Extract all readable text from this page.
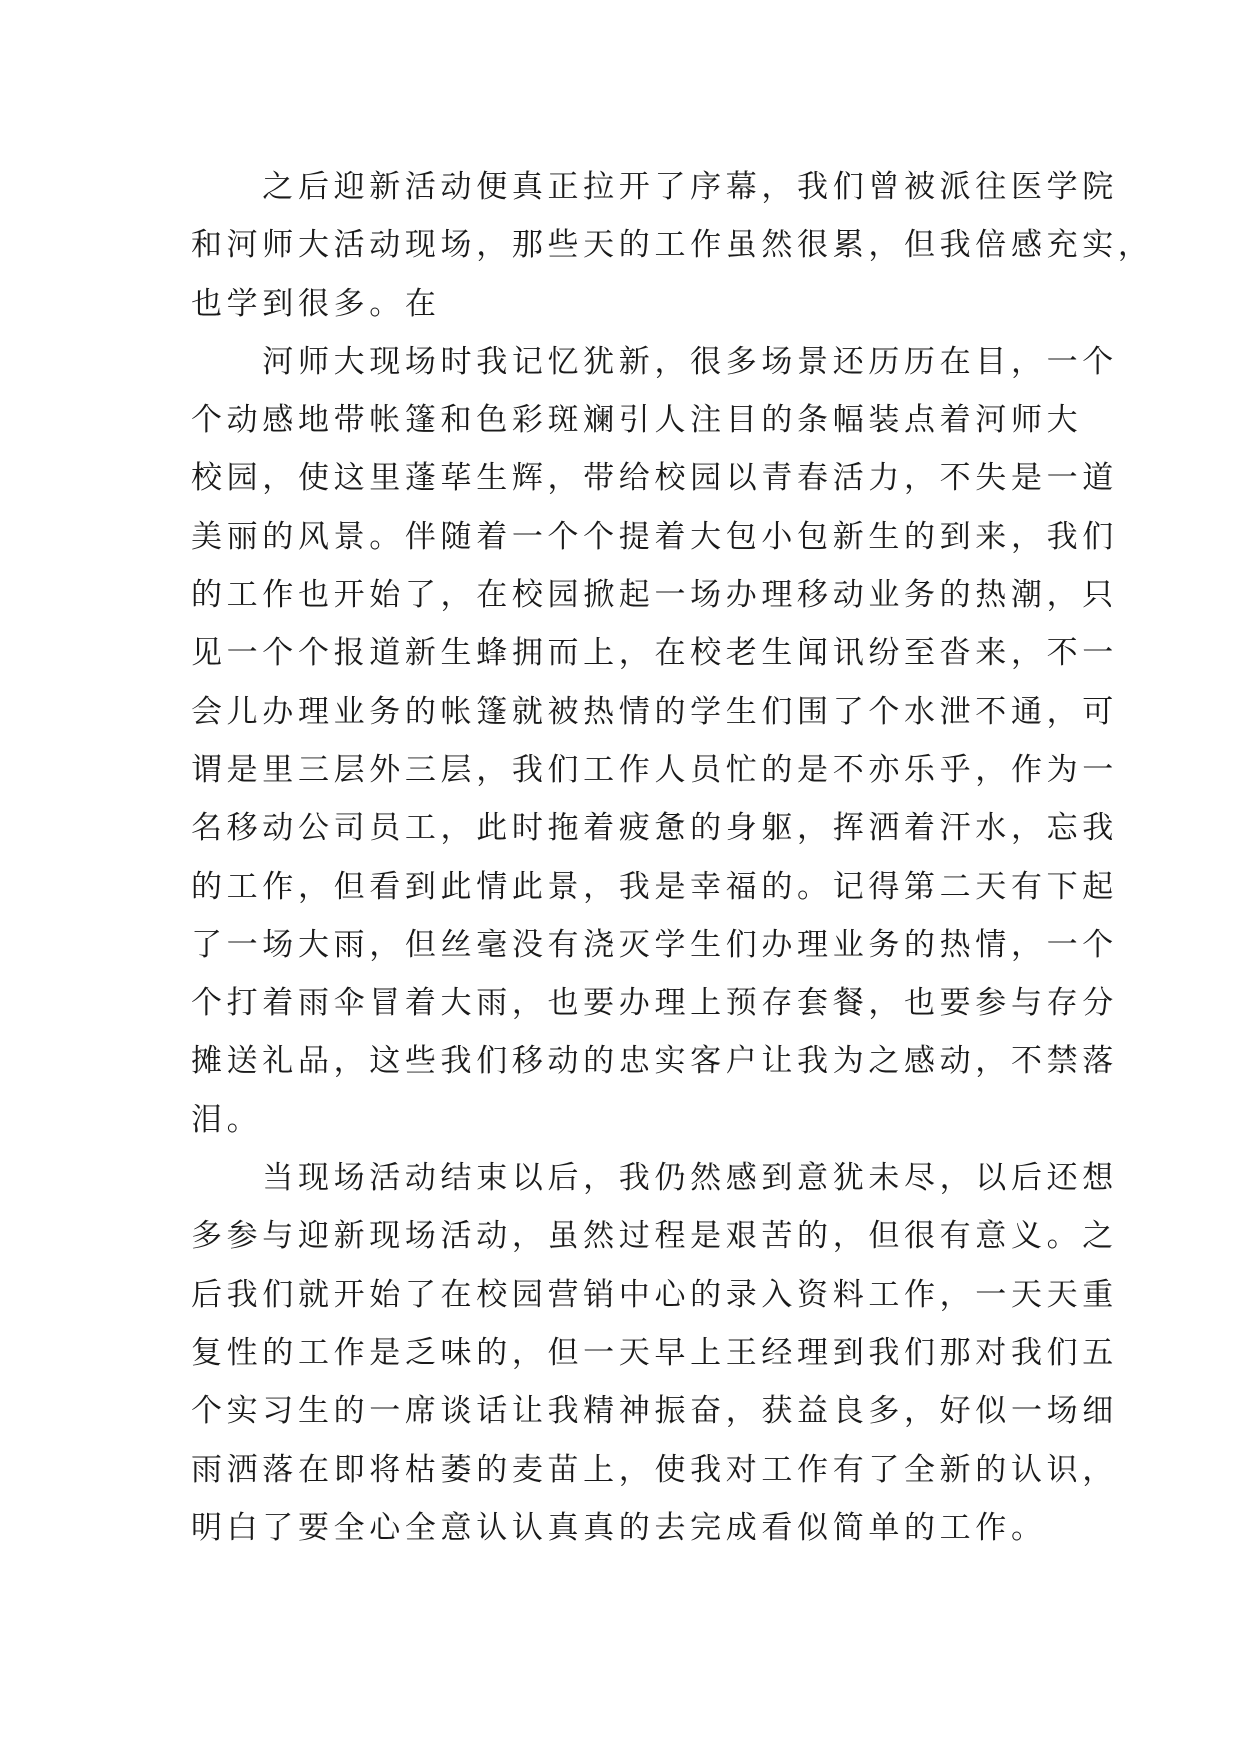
之后迎新活动便真正拉开了序幕，我们曾被派往医学院
和河师大活动现场，那些天的工作虽然很累，但我倍感充实，
也学到很多。在
河师大现场时我记忆犹新，很多场景还历历在目，一个
个动感地带帐篷和色彩斑斓引人注目的条幅装点着河师大
校园，使这里蓬荜生辉，带给校园以青春活力，不失是一道
美丽的风景。伴随着一个个提着大包小包新生的到来，我们
的工作也开始了，在校园掀起一场办理移动业务的热潮，只
见一个个报道新生蜂拥而上，在校老生闻讯纷至沓来，不一
会儿办理业务的帐篷就被热情的学生们围了个水泄不通，可
谓是里三层外三层，我们工作人员忙的是不亦乐乎，作为一
名移动公司员工，此时拖着疲惫的身躯，挥洒着汗水，忘我
的工作，但看到此情此景，我是幸福的。记得第二天有下起
了一场大雨，但丝毫没有浇灭学生们办理业务的热情，一个
个打着雨伞冒着大雨，也要办理上预存套餐，也要参与存分
摊送礼品，这些我们移动的忠实客户让我为之感动，不禁落
泪。
当现场活动结束以后，我仍然感到意犹未尽，以后还想
多参与迎新现场活动，虽然过程是艰苦的，但很有意义。之
后我们就开始了在校园营销中心的录入资料工作，一天天重
复性的工作是乏味的，但一天早上王经理到我们那对我们五
个实习生的一席谈话让我精神振奋，获益良多，好似一场细
雨洒落在即将枯萎的麦苗上，使我对工作有了全新的认识，
明白了要全心全意认认真真的去完成看似简单的工作。
